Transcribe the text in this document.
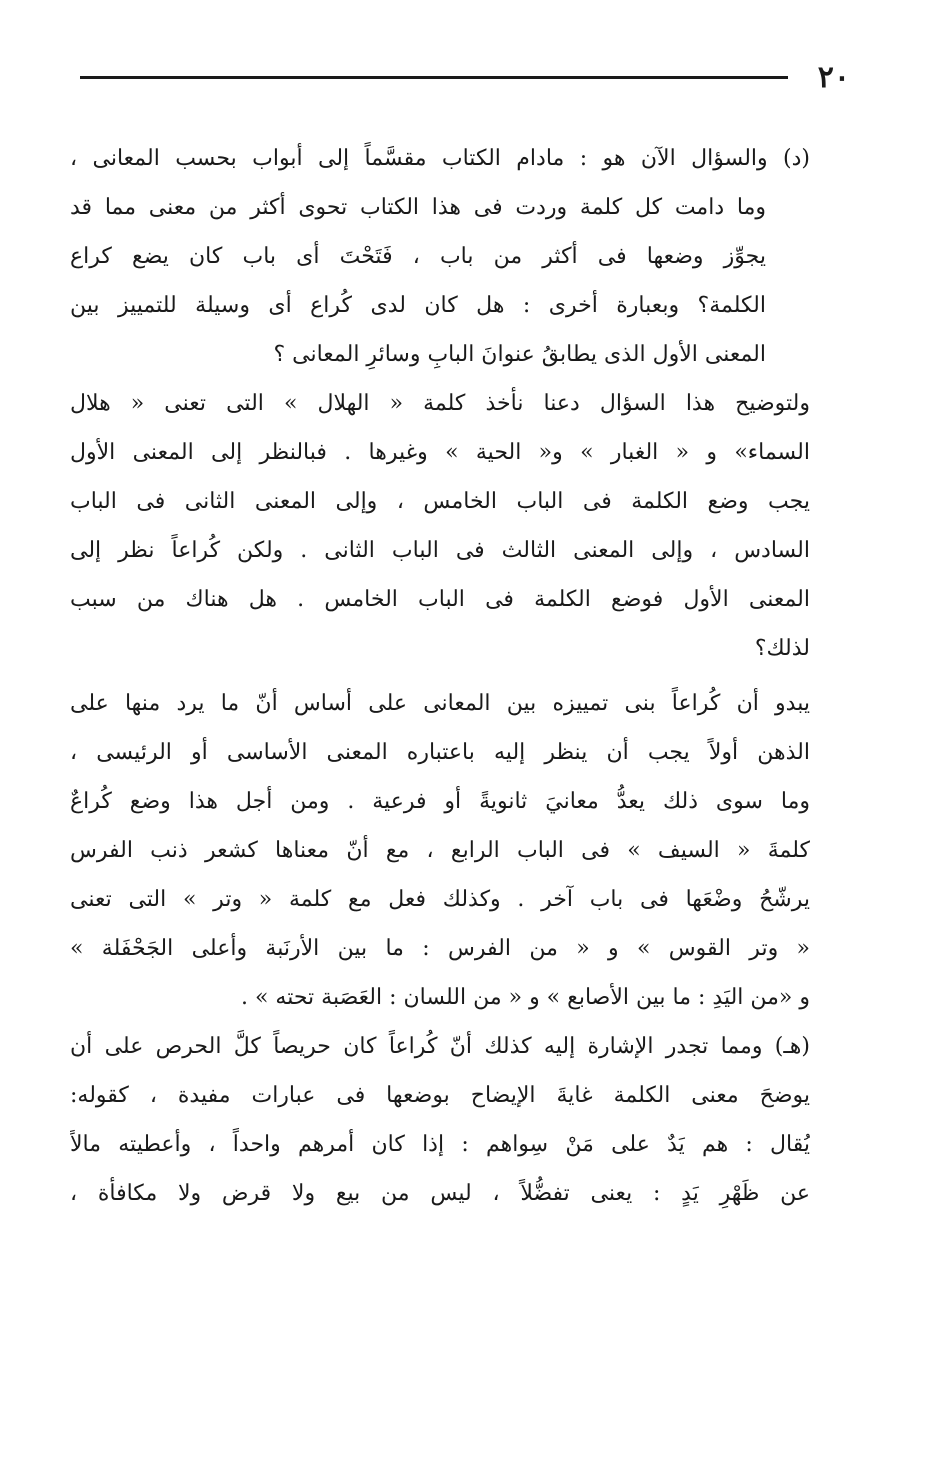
٢٠
(د) والسؤال الآن هو : مادام الكتاب مقسَّماً إلى أبواب بحسب المعانى ،
وما دامت كل كلمة وردت فى هذا الكتاب تحوى أكثر من معنى مما قد
يجوِّز وضعها فى أكثر من باب ، فَتَحْتَ أى باب كان يضع كراع
الكلمة؟ وبعبارة أخرى : هل كان لدى كُراع أى وسيلة للتمييز بين
المعنى الأول الذى يطابقُ عنوانَ البابِ وسائرِ المعانى ؟
ولتوضيح هذا السؤال دعنا نأخذ كلمة « الهلال » التى تعنى « هلال
السماء» و « الغبار » و« الحية » وغيرها . فبالنظر إلى المعنى الأول
يجب وضع الكلمة فى الباب الخامس ، وإلى المعنى الثانى فى الباب
السادس ، وإلى المعنى الثالث فى الباب الثانى . ولكن كُراعاً نظر إلى
المعنى الأول فوضع الكلمة فى الباب الخامس . هل هناك من سبب
لذلك؟
يبدو أن كُراعاً بنى تمييزه بين المعانى على أساس أنّ ما يرد منها على
الذهن أولاً يجب أن ينظر إليه باعتباره المعنى الأساسى أو الرئيسى ،
وما سوى ذلك يعدُّ معانيَ ثانويةً أو فرعية . ومن أجل هذا وضع كُراعٌ
كلمةَ « السيف » فى الباب الرابع ، مع أنّ معناها كشعر ذنب الفرس
يرشّحُ وضْعَها فى باب آخر . وكذلك فعل مع كلمة « وتر » التى تعنى
« وتر القوس » و « من الفرس : ما بين الأرنَبة وأعلى الجَحْفَلة »
و «من اليَدِ : ما بين الأصابع » و « من اللسان : العَصَبة تحته » .
(هـ) ومما تجدر الإشارة إليه كذلك أنّ كُراعاً كان حريصاً كلَّ الحرص على أن
يوضحَ معنى الكلمة غايةَ الإيضاح بوضعها فى عبارات مفيدة ، كقوله:
يُقال : هم يَدٌ على مَنْ سِواهم : إذا كان أمرهم واحداً ، وأعطيته مالاً
عن ظَهْرِ يَدٍ : يعنى تفضُّلاً ، ليس من بيع ولا قرض ولا مكافأة ،
